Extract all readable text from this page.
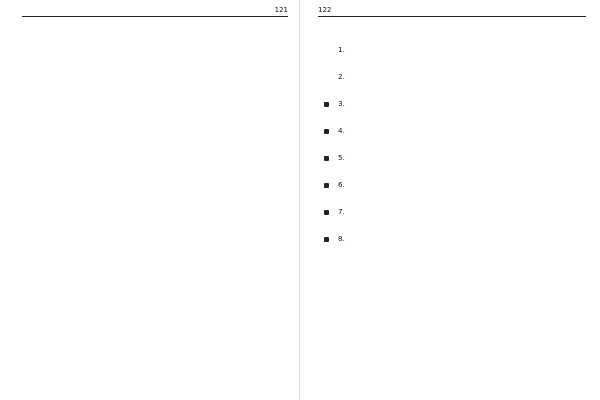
121	122
1.
2.
3.
4.
5.
6.
7.
8.
